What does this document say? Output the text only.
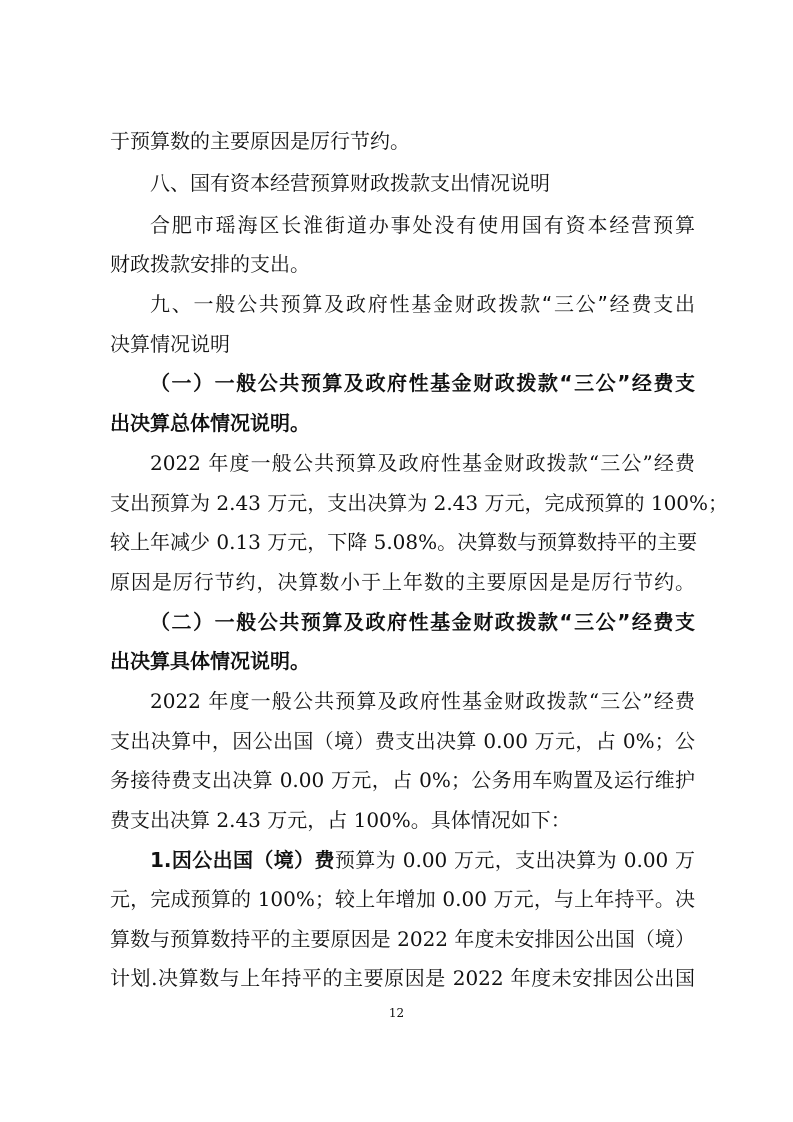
于预算数的主要原因是厉行节约。
八、国有资本经营预算财政拨款支出情况说明
合肥市瑶海区长淮街道办事处没有使用国有资本经营预算
财政拨款安排的支出。
九、一般公共预算及政府性基金财政拨款“三公”经费支出
决算情况说明
（一）一般公共预算及政府性基金财政拨款“三公”经费支
出决算总体情况说明。
2022 年度一般公共预算及政府性基金财政拨款“三公”经费
支出预算为 2.43 万元，支出决算为 2.43 万元，完成预算的 100%；
较上年减少 0.13 万元，下降 5.08%。决算数与预算数持平的主要
原因是厉行节约，决算数小于上年数的主要原因是是厉行节约。
（二）一般公共预算及政府性基金财政拨款“三公”经费支
出决算具体情况说明。
2022 年度一般公共预算及政府性基金财政拨款“三公”经费
支出决算中，因公出国（境）费支出决算 0.00 万元，占 0%；公
务接待费支出决算 0.00 万元，占 0%；公务用车购置及运行维护
费支出决算 2.43 万元，占 100%。具体情况如下：
1.因公出国（境）费预算为 0.00 万元，支出决算为 0.00 万
元，完成预算的 100%；较上年增加 0.00 万元，与上年持平。决
算数与预算数持平的主要原因是 2022 年度未安排因公出国（境）
计划.决算数与上年持平的主要原因是 2022 年度未安排因公出国
12
